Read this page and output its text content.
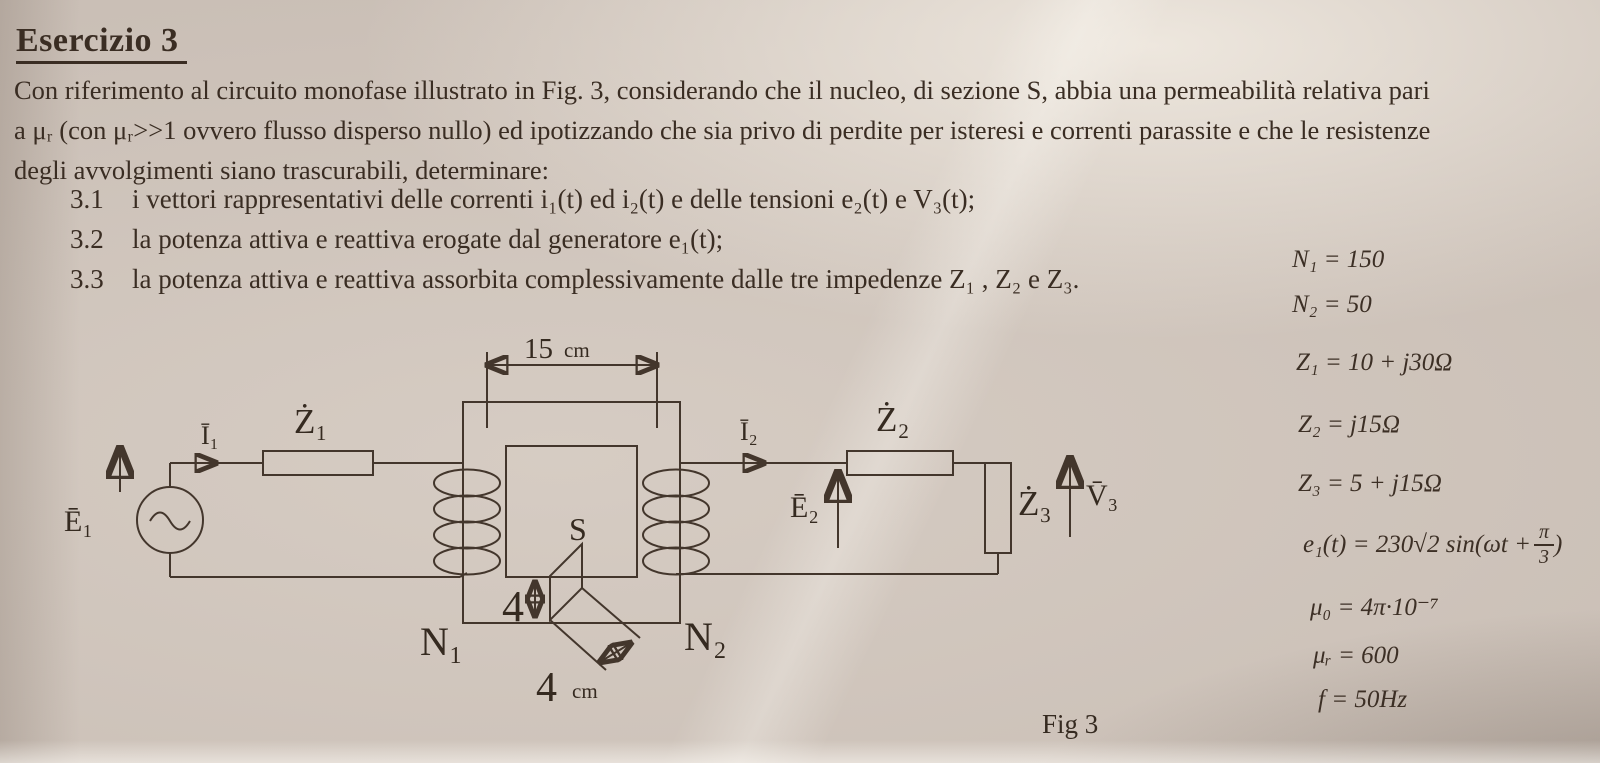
Esercizio 3
Con riferimento al circuito monofase illustrato in Fig. 3, considerando che il nucleo, di sezione S, abbia una permeabilità relativa pari
a μᵣ (con μᵣ>>1 ovvero flusso disperso nullo) ed ipotizzando che sia privo di perdite per isteresi e correnti parassite e che le resistenze
degli avvolgimenti siano trascurabili, determinare:
3.1	i vettori rappresentativi delle correnti i₁(t) ed i₂(t) e delle tensioni e₂(t) e V₃(t);
3.2	la potenza attiva e reattiva erogate dal generatore e₁(t);
3.3	la potenza attiva e reattiva assorbita complessivamente dalle tre impedenze Z₁ , Z₂ e Z₃.
N₁ = 150
N₂ = 50
Z₁ = 10 + j30Ω
Z₂ = j15Ω
Z₃ = 5 + j15Ω
e₁(t) = 230√2 $\sin(\omega t + \frac{\pi}{3}$ )
μ₀ = 4π·10⁻⁷
μᵣ = 600
f = 50Hz
Ē₁
Ī₁ Ż₁
15 cm
S
4
4 cm
N₁	N₂
Ī₂	Ż₂
Ż₃
Ē₂	V̄₃
Fig 3
